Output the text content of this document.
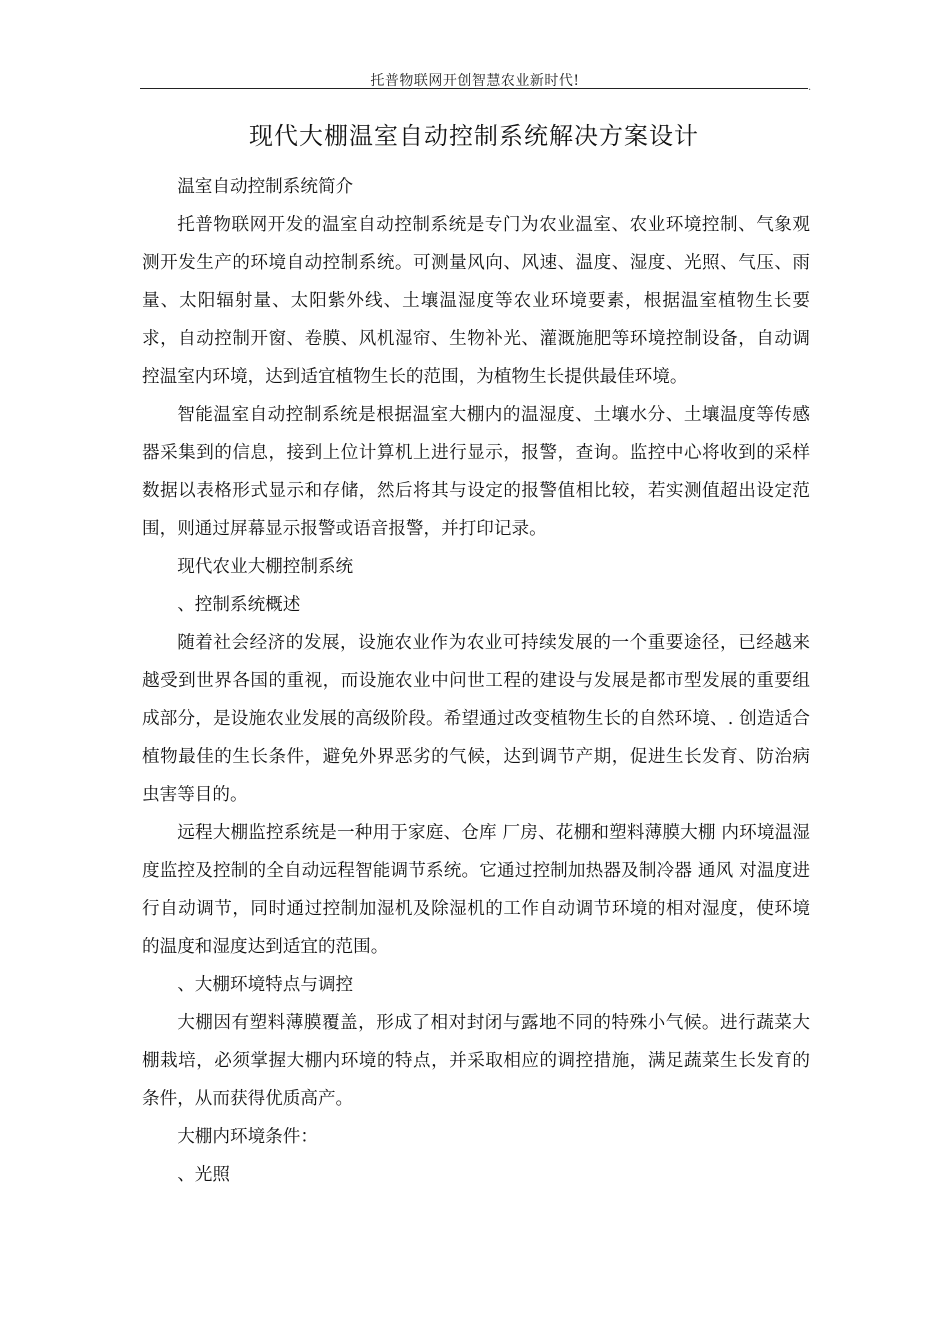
托普物联网开创智慧农业新时代!	.
现代大棚温室自动控制系统解决方案设计

温室自动控制系统简介

托普物联网开发的温室自动控制系统是专门为农业温室、农业环境控制、气象观测开发生产的环境自动控制系统。可测量风向、风速、温度、湿度、光照、气压、雨量、太阳辐射量、太阳紫外线、土壤温湿度等农业环境要素，根据温室植物生长要求，自动控制开窗、卷膜、风机湿帘、生物补光、灌溉施肥等环境控制设备，自动调控温室内环境，达到适宜植物生长的范围，为植物生长提供最佳环境。

智能温室自动控制系统是根据温室大棚内的温湿度、土壤水分、土壤温度等传感器采集到的信息，接到上位计算机上进行显示，报警，查询。监控中心将收到的采样数据以表格形式显示和存储，然后将其与设定的报警值相比较，若实测值超出设定范围，则通过屏幕显示报警或语音报警，并打印记录。

现代农业大棚控制系统

、控制系统概述

随着社会经济的发展，设施农业作为农业可持续发展的一个重要途径，已经越来越受到世界各国的重视，而设施农业中问世工程的建设与发展是都市型发展的重要组成部分，是设施农业发展的高级阶段。希望通过改变植物生长的自然环境、. 创造适合植物最佳的生长条件，避免外界恶劣的气候，达到调节产期，促进生长发育、防治病虫害等目的。

远程大棚监控系统是一种用于家庭、仓库 厂房、花棚和塑料薄膜大棚 内环境温湿度监控及控制的全自动远程智能调节系统。它通过控制加热器及制冷器 通风 对温度进行自动调节，同时通过控制加湿机及除湿机的工作自动调节环境的相对湿度，使环境的温度和湿度达到适宜的范围。

、大棚环境特点与调控

大棚因有塑料薄膜覆盖，形成了相对封闭与露地不同的特殊小气候。进行蔬菜大棚栽培，必须掌握大棚内环境的特点，并采取相应的调控措施，满足蔬菜生长发育的条件，从而获得优质高产。

大棚内环境条件：

、光照
